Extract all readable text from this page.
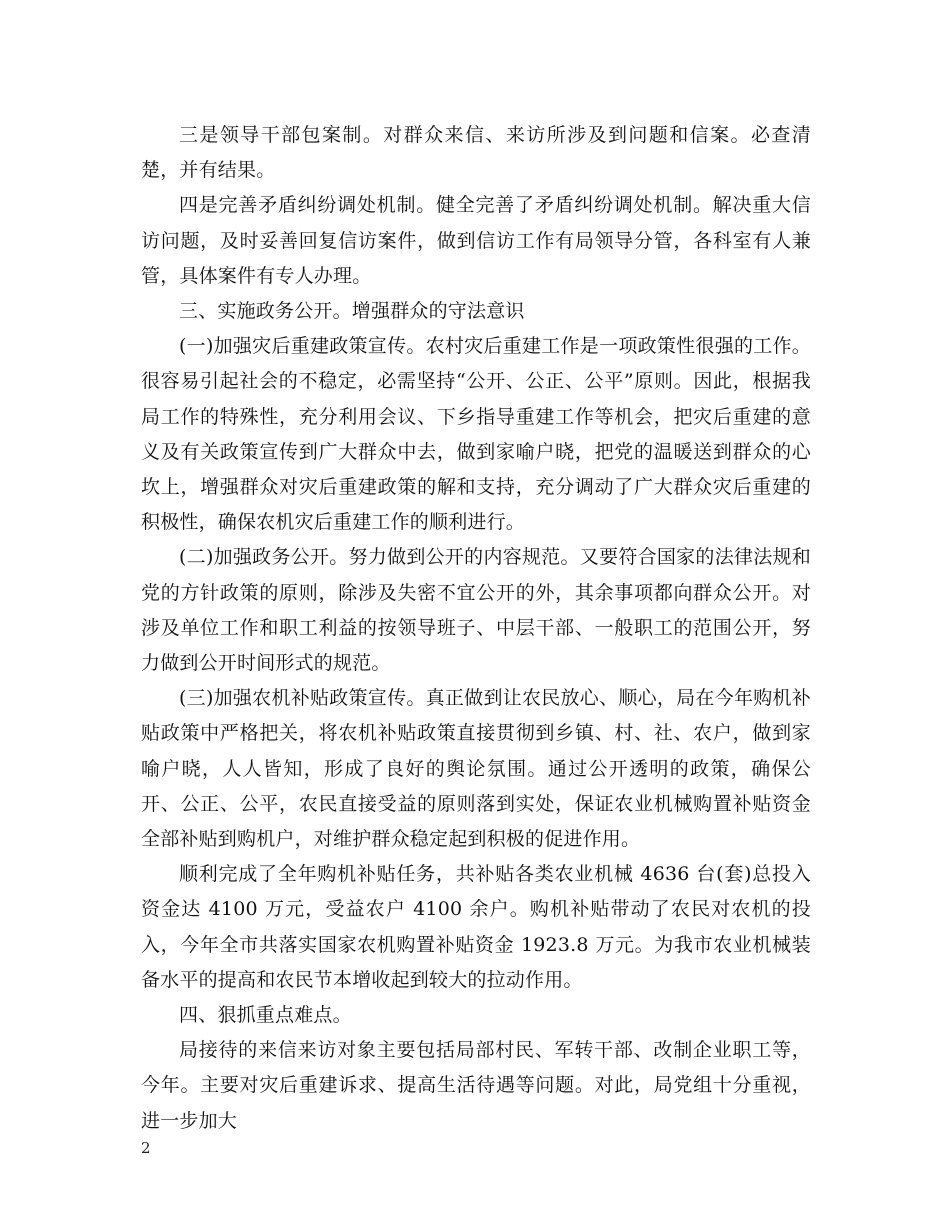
三是领导干部包案制。对群众来信、来访所涉及到问题和信案。必查清楚，并有结果。

四是完善矛盾纠纷调处机制。健全完善了矛盾纠纷调处机制。解决重大信访问题，及时妥善回复信访案件，做到信访工作有局领导分管，各科室有人兼管，具体案件有专人办理。

三、实施政务公开。增强群众的守法意识

(一)加强灾后重建政策宣传。农村灾后重建工作是一项政策性很强的工作。很容易引起社会的不稳定，必需坚持“公开、公正、公平”原则。因此，根据我局工作的特殊性，充分利用会议、下乡指导重建工作等机会，把灾后重建的意义及有关政策宣传到广大群众中去，做到家喻户晓，把党的温暖送到群众的心坎上，增强群众对灾后重建政策的解和支持，充分调动了广大群众灾后重建的积极性，确保农机灾后重建工作的顺利进行。

(二)加强政务公开。努力做到公开的内容规范。又要符合国家的法律法规和党的方针政策的原则，除涉及失密不宜公开的外，其余事项都向群众公开。对涉及单位工作和职工利益的按领导班子、中层干部、一般职工的范围公开，努力做到公开时间形式的规范。

(三)加强农机补贴政策宣传。真正做到让农民放心、顺心，局在今年购机补贴政策中严格把关，将农机补贴政策直接贯彻到乡镇、村、社、农户，做到家喻户晓，人人皆知，形成了良好的舆论氛围。通过公开透明的政策，确保公开、公正、公平，农民直接受益的原则落到实处，保证农业机械购置补贴资金全部补贴到购机户，对维护群众稳定起到积极的促进作用。

顺利完成了全年购机补贴任务，共补贴各类农业机械 4636 台(套)总投入资金达 4100 万元，受益农户 4100 余户。购机补贴带动了农民对农机的投入，今年全市共落实国家农机购置补贴资金 1923.8 万元。为我市农业机械装备水平的提高和农民节本增收起到较大的拉动作用。

四、狠抓重点难点。

局接待的来信来访对象主要包括局部村民、军转干部、改制企业职工等，今年。主要对灾后重建诉求、提高生活待遇等问题。对此，局党组十分重视，进一步加大

2
